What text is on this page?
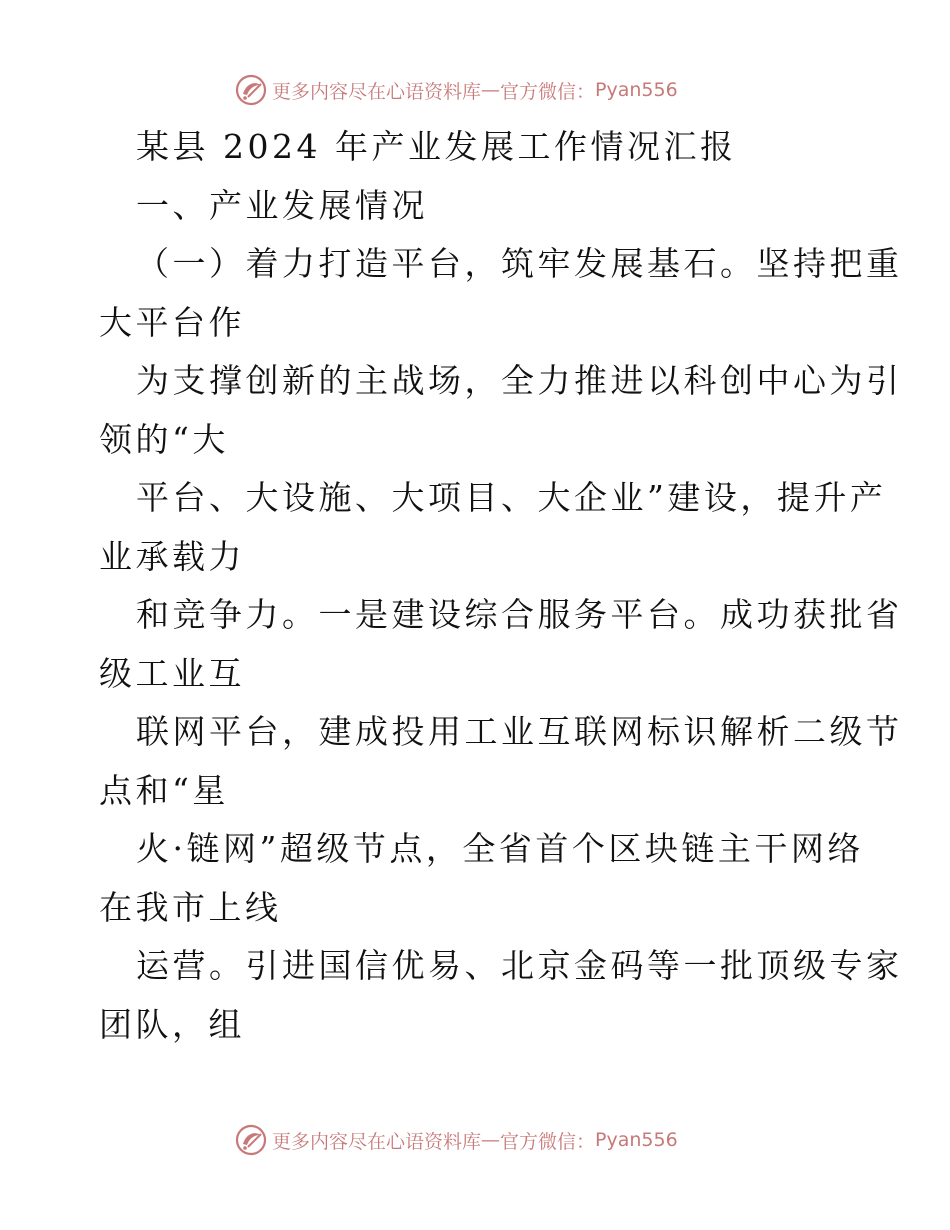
更多内容尽在心语资料库 — 官方微信： Pyan556
某县 2024 年产业发展工作情况汇报
一、产业发展情况
（一）着力打造平台，筑牢发展基石。坚持把重
大平台作
为支撑创新的主战场，全力推进以科创中心为引
领的“大
平台、大设施、大项目、大企业”建设，提升产
业承载力
和竞争力。一是建设综合服务平台。成功获批省
级工业互
联网平台，建成投用工业互联网标识解析二级节
点和“星
火·链网”超级节点，全省首个区块链主干网络
在我市上线
运营。引进国信优易、北京金码等一批顶级专家
团队，组
更多内容尽在心语资料库 — 官方微信： Pyan556
